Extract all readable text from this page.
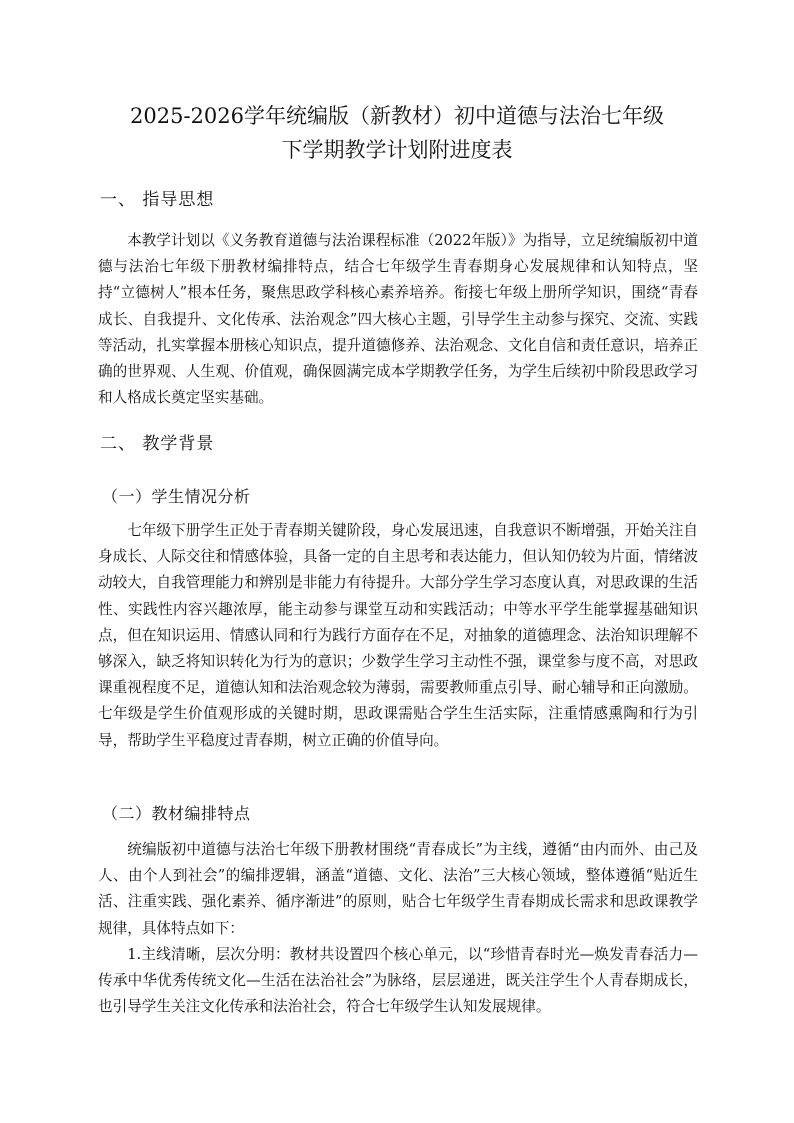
2025-2026学年统编版（新教材）初中道德与法治七年级
下学期教学计划附进度表
一、 指导思想

本教学计划以《义务教育道德与法治课程标准（2022年版）》为指导，立足统编版初中道德与法治七年级下册教材编排特点，结合七年级学生青春期身心发展规律和认知特点，坚持“立德树人”根本任务，聚焦思政学科核心素养培养。衔接七年级上册所学知识，围绕“青春成长、自我提升、文化传承、法治观念”四大核心主题，引导学生主动参与探究、交流、实践等活动，扎实掌握本册核心知识点，提升道德修养、法治观念、文化自信和责任意识，培养正确的世界观、人生观、价值观，确保圆满完成本学期教学任务，为学生后续初中阶段思政学习和人格成长奠定坚实基础。

二、 教学背景
（一）学生情况分析

七年级下册学生正处于青春期关键阶段，身心发展迅速，自我意识不断增强，开始关注自身成长、人际交往和情感体验，具备一定的自主思考和表达能力，但认知仍较为片面，情绪波动较大，自我管理能力和辨别是非能力有待提升。大部分学生学习态度认真，对思政课的生活性、实践性内容兴趣浓厚，能主动参与课堂互动和实践活动；中等水平学生能掌握基础知识点，但在知识运用、情感认同和行为践行方面存在不足，对抽象的道德理念、法治知识理解不够深入，缺乏将知识转化为行为的意识；少数学生学习主动性不强，课堂参与度不高，对思政课重视程度不足，道德认知和法治观念较为薄弱，需要教师重点引导、耐心辅导和正向激励。七年级是学生价值观形成的关键时期，思政课需贴合学生生活实际，注重情感熏陶和行为引导，帮助学生平稳度过青春期，树立正确的价值导向。

（二）教材编排特点

统编版初中道德与法治七年级下册教材围绕“青春成长”为主线，遵循“由内而外、由己及人、由个人到社会”的编排逻辑，涵盖“道德、文化、法治”三大核心领域，整体遵循“贴近生活、注重实践、强化素养、循序渐进”的原则，贴合七年级学生青春期成长需求和思政课教学规律，具体特点如下：

1.主线清晰，层次分明：教材共设置四个核心单元，以“珍惜青春时光—焕发青春活力—传承中华优秀传统文化—生活在法治社会”为脉络，层层递进，既关注学生个人青春期成长，也引导学生关注文化传承和法治社会，符合七年级学生认知发展规律。
